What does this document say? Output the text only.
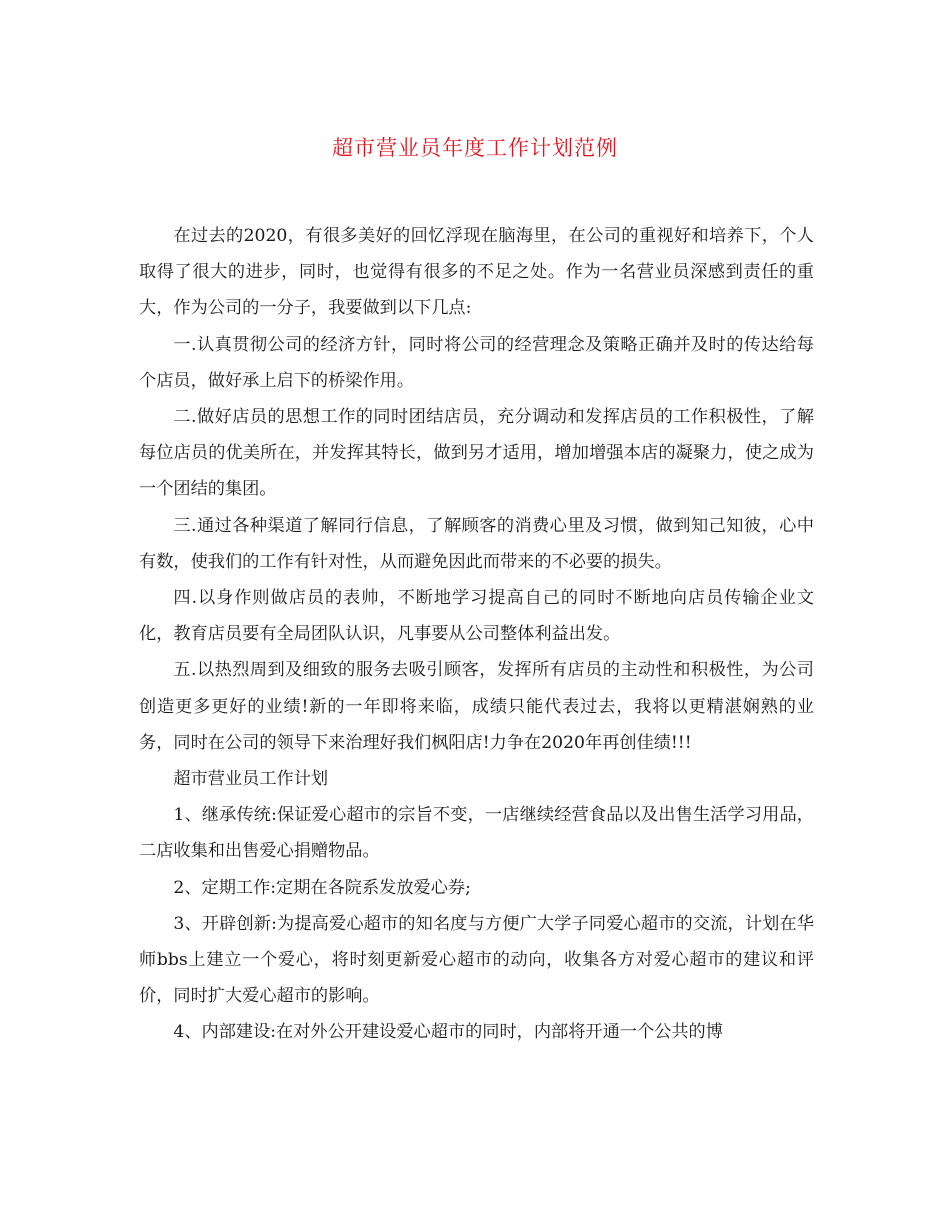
超市营业员年度工作计划范例

在过去的2020，有很多美好的回忆浮现在脑海里，在公司的重视好和培养下，个人取得了很大的进步，同时，也觉得有很多的不足之处。作为一名营业员深感到责任的重大，作为公司的一分子，我要做到以下几点:

一.认真贯彻公司的经济方针，同时将公司的经营理念及策略正确并及时的传达给每个店员，做好承上启下的桥梁作用。

二.做好店员的思想工作的同时团结店员，充分调动和发挥店员的工作积极性，了解每位店员的优美所在，并发挥其特长，做到另才适用，增加增强本店的凝聚力，使之成为一个团结的集团。

三.通过各种渠道了解同行信息，了解顾客的消费心里及习惯，做到知己知彼，心中有数，使我们的工作有针对性，从而避免因此而带来的不必要的损失。

四.以身作则做店员的表帅，不断地学习提高自己的同时不断地向店员传输企业文化，教育店员要有全局团队认识，凡事要从公司整体利益出发。

五.以热烈周到及细致的服务去吸引顾客，发挥所有店员的主动性和积极性，为公司创造更多更好的业绩!新的一年即将来临，成绩只能代表过去，我将以更精湛娴熟的业务，同时在公司的领导下来治理好我们枫阳店!力争在2020年再创佳绩!!!

超市营业员工作计划

1、继承传统:保证爱心超市的宗旨不变，一店继续经营食品以及出售生活学习用品，二店收集和出售爱心捐赠物品。

2、定期工作:定期在各院系发放爱心券;

3、开辟创新:为提高爱心超市的知名度与方便广大学子同爱心超市的交流，计划在华师bbs上建立一个爱心，将时刻更新爱心超市的动向，收集各方对爱心超市的建议和评价，同时扩大爱心超市的影响。

4、内部建设:在对外公开建设爱心超市的同时，内部将开通一个公共的博
